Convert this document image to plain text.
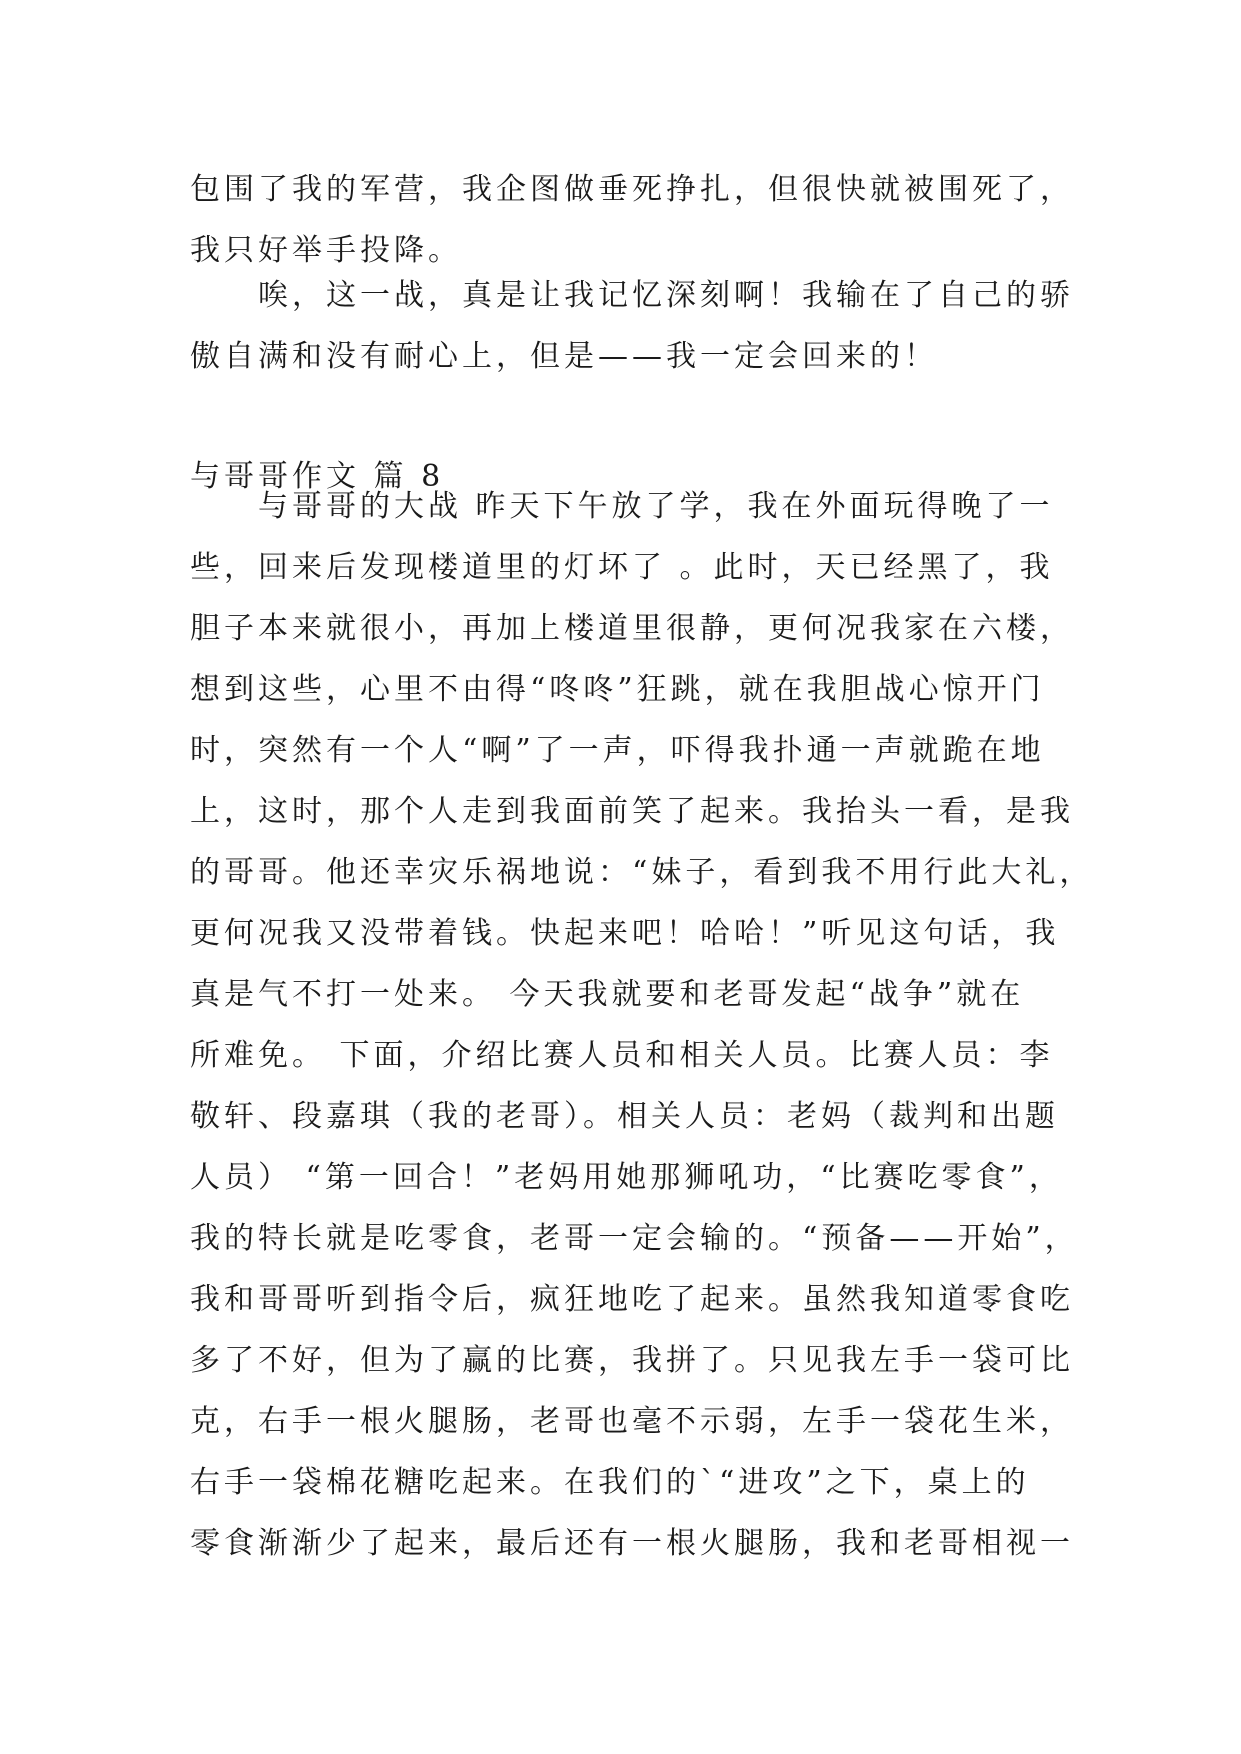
包围了我的军营，我企图做垂死挣扎，但很快就被围死了，
我只好举手投降。
唉，这一战，真是让我记忆深刻啊！我输在了自己的骄
傲自满和没有耐心上，但是——我一定会回来的！
与哥哥作文 篇 8
与哥哥的大战 昨天下午放了学，我在外面玩得晚了一
些，回来后发现楼道里的灯坏了 。此时，天已经黑了，我
胆子本来就很小，再加上楼道里很静，更何况我家在六楼，
想到这些，心里不由得“咚咚”狂跳，就在我胆战心惊开门
时，突然有一个人“啊”了一声，吓得我扑通一声就跪在地
上，这时，那个人走到我面前笑了起来。我抬头一看，是我
的哥哥。他还幸灾乐祸地说：“妹子，看到我不用行此大礼，
更何况我又没带着钱。快起来吧！哈哈！”听见这句话，我
真是气不打一处来。 今天我就要和老哥发起“战争”就在
所难免。 下面，介绍比赛人员和相关人员。比赛人员：李
敬轩、段嘉琪（我的老哥）。相关人员：老妈（裁判和出题
人员） “第一回合！”老妈用她那狮吼功，“比赛吃零食”，
我的特长就是吃零食，老哥一定会输的。“预备——开始”，
我和哥哥听到指令后，疯狂地吃了起来。虽然我知道零食吃
多了不好，但为了赢的比赛，我拼了。只见我左手一袋可比
克，右手一根火腿肠，老哥也毫不示弱，左手一袋花生米，
右手一袋棉花糖吃起来。在我们的`“进攻”之下，桌上的
零食渐渐少了起来，最后还有一根火腿肠，我和老哥相视一
